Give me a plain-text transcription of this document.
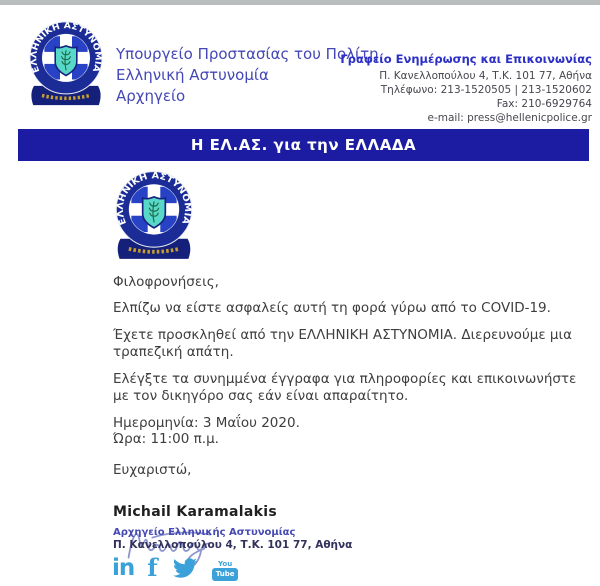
Υπουργείο Προστασίας του Πολίτη
Ελληνική Αστυνομία
Αρχηγείο
Γραφείο Ενημέρωσης και Επικοινωνίας
Π. Κανελλοπούλου 4, Τ.Κ. 101 77, Αθήνα
Τηλέφωνο: 213-1520505 | 213-1520602
Fax: 210-6929764
e-mail: press@hellenicpolice.gr
Η ΕΛ.ΑΣ. για την ΕΛΛΑΔΑ

Φιλοφρονήσεις,

Ελπίζω να είστε ασφαλείς αυτή τη φορά γύρω από το COVID-19.

Έχετε προσκληθεί από την ΕΛΛΗΝΙΚΗ ΑΣΤΥΝΟΜΙΑ. Διερευνούμε μια τραπεζική απάτη.

Ελέγξτε τα συνημμένα έγγραφα για πληροφορίες και επικοινωνήστε με τον δικηγόρο σας εάν είναι απαραίτητο.

Ημερομηνία: 3 Μαΐου 2020.
Ώρα: 11:00 π.μ.

Ευχαριστώ,

Michail Karamalakis

Αρχηγείο Ελληνικής Αστυνομίας
Π. Κανελλοπούλου 4, Τ.Κ. 101 77, Αθήνα
in f	You
Tube
